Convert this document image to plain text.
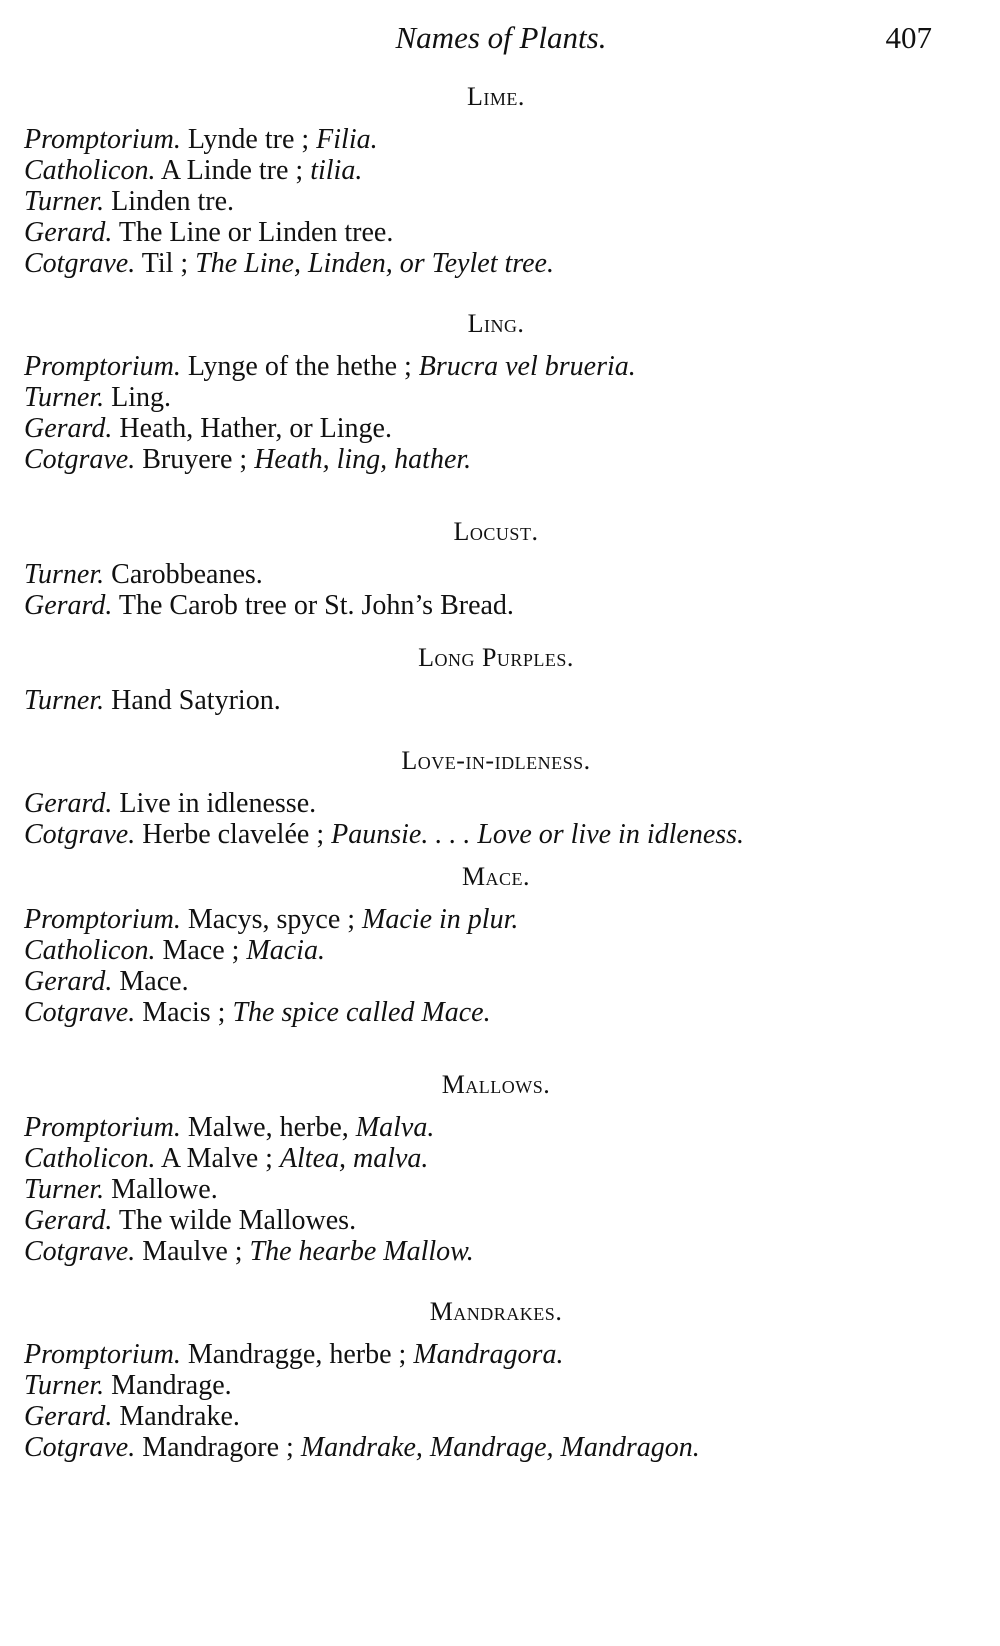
Names of Plants.	407
Lime.

Promptorium. Lynde tre ; Filia.

Catholicon. A Linde tre ; tilia.

Turner. Linden tre.

Gerard. The Line or Linden tree.

Cotgrave. Til ; The Line, Linden, or Teylet tree.

Ling.

Promptorium. Lynge of the hethe ; Brucra vel brueria.

Turner. Ling.

Gerard. Heath, Hather, or Linge.

Cotgrave. Bruyere ; Heath, ling, hather.

Locust.

Turner. Carobbeanes.

Gerard. The Carob tree or St. John’s Bread.

Long Purples.

Turner. Hand Satyrion.

Love-in-idleness.

Gerard. Live in idlenesse.

Cotgrave. Herbe clavelée ; Paunsie. . . . Love or live in idleness.

Mace.

Promptorium. Macys, spyce ; Macie in plur.

Catholicon. Mace ; Macia.

Gerard. Mace.

Cotgrave. Macis ; The spice called Mace.

Mallows.

Promptorium. Malwe, herbe, Malva.

Catholicon. A Malve ; Altea, malva.

Turner. Mallowe.

Gerard. The wilde Mallowes.

Cotgrave. Maulve ; The hearbe Mallow.

Mandrakes.

Promptorium. Mandragge, herbe ; Mandragora.

Turner. Mandrage.

Gerard. Mandrake.

Cotgrave. Mandragore ; Mandrake, Mandrage, Mandragon.
